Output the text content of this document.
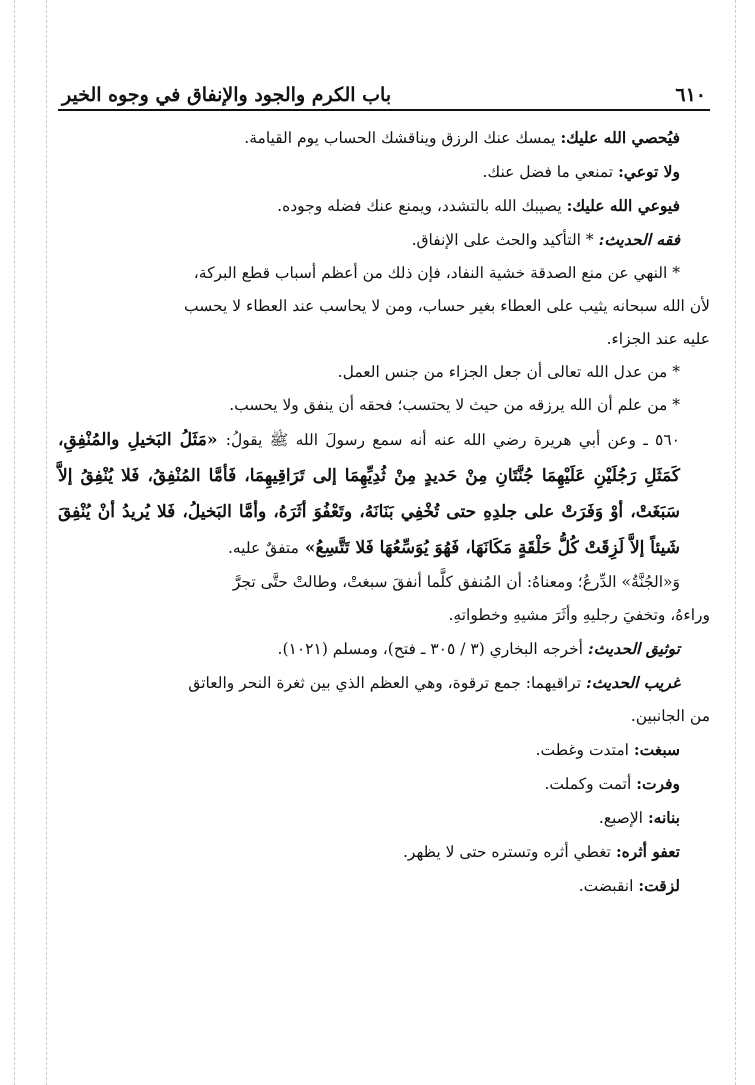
٦١٠
باب الكرم والجود والإنفاق في وجوه الخير

فيُحصي الله عليك: يمسك عنك الرزق ويناقشك الحساب يوم القيامة.

ولا توعي: تمنعي ما فضل عنك.

فيوعي الله عليك: يصيبك الله بالتشدد، ويمنع عنك فضله وجوده.

فقه الحديث: * التأكيد والحث على الإنفاق.

* النهي عن منع الصدقة خشية النفاد، فإن ذلك من أعظم أسباب قطع البركة،

لأن الله سبحانه يثيب على العطاء بغير حساب، ومن لا يحاسب عند العطاء لا يحسب

عليه عند الجزاء.

* من عدل الله تعالى أن جعل الجزاء من جنس العمل.

* من علم أن الله يرزقه من حيث لا يحتسب؛ فحقه أن ينفق ولا يحسب.

٥٦٠ ـ وعن أبي هريرة رضي الله عنه أنه سمع رسولَ الله ﷺ يقولُ: «مَثَلُ البَخيلِ والمُنْفِقِ، كَمَثَلِ رَجُلَيْنِ عَلَيْهِمَا جُنَّتَانِ مِنْ حَديدٍ مِنْ ثُدِيِّهِمَا إلى تَرَاقِيهِمَا، فَأمَّا المُنْفِقُ، فَلا يُنْفِقُ إلاَّ سَبَغَتْ، أوْ وَفَرَتْ على جلدِهِ حتى تُخْفِي بَنَانَهُ، وتَعْفُوَ أثَرَهُ، وأمَّا البَخيلُ، فَلا يُريدُ أنْ يُنْفِقَ شَيئاً إلاَّ لَزِقَتْ كُلُّ حَلْقَةٍ مَكَانَهَا، فَهُوَ يُوَسِّعُهَا فَلا تَتَّسِعُ» متفقٌ عليه.

وَ«الجُنَّةُ» الدِّرعُ؛ ومعناهُ: أن المُنفق كلَّما أنفقَ سبغتْ، وطالتْ حتَّى تجرَّ

وراءهُ، وتخفيَ رجليهِ وأثَرَ مشيهِ وخطواتهِ.

توثيق الحديث: أخرجه البخاري (٣ / ٣٠٥ ـ فتح)، ومسلم (١٠٢١).

غريب الحديث: تراقيهما: جمع ترقوة، وهي العظم الذي بين ثغرة النحر والعاتق

من الجانبين.

سبغت: امتدت وغطت.

وفرت: أتمت وكملت.

بنانه: الإصبع.

تعفو أثره: تغطي أثره وتستره حتى لا يظهر.

لزقت: انقبضت.
